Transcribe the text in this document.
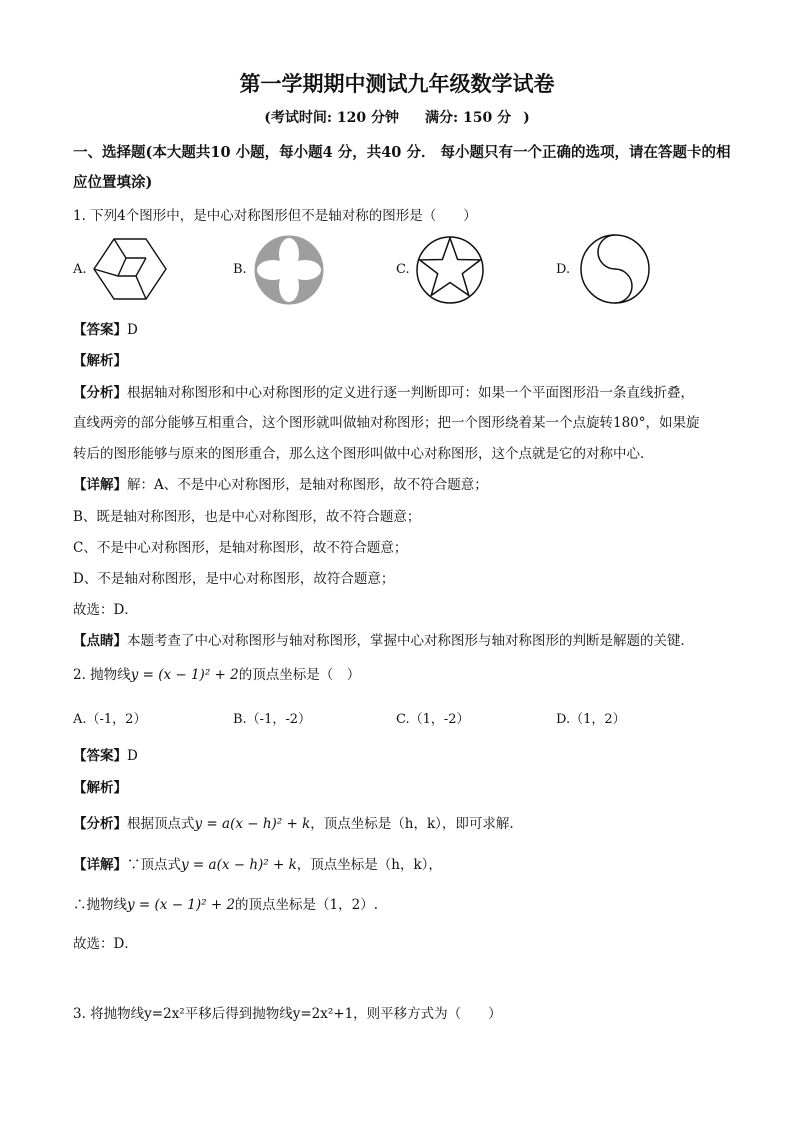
第一学期期中测试九年级数学试卷
(考试时间: 120 分钟 满分: 150 分 )
一、选择题(本大题共10 小题，每小题4 分，共40 分． 每小题只有一个正确的选项，请在答题卡的相应位置填涂)
1. 下列4个图形中，是中心对称图形但不是轴对称的图形是（　　）
A.	B.	C.	D.
【答案】D
【解析】
【分析】根据轴对称图形和中心对称图形的定义进行逐一判断即可：如果一个平面图形沿一条直线折叠，
直线两旁的部分能够互相重合，这个图形就叫做轴对称图形；把一个图形绕着某一个点旋转180°，如果旋
转后的图形能够与原来的图形重合，那么这个图形叫做中心对称图形，这个点就是它的对称中心．
【详解】解：A、不是中心对称图形，是轴对称图形，故不符合题意；
B、既是轴对称图形，也是中心对称图形，故不符合题意；
C、不是中心对称图形，是轴对称图形，故不符合题意；
D、不是轴对称图形，是中心对称图形，故符合题意；
故选：D．
【点睛】本题考查了中心对称图形与轴对称图形，掌握中心对称图形与轴对称图形的判断是解题的关键．
2. 抛物线y = (x − 1)² + 2的顶点坐标是（　）
A.（-1，2）	B.（-1，-2）	C.（1，-2）	D.（1，2）
【答案】D
【解析】
【分析】根据顶点式y = a(x − h)² + k，顶点坐标是（h，k），即可求解.
【详解】∵顶点式y = a(x − h)² + k，顶点坐标是（h，k），
∴抛物线y = (x − 1)² + 2的顶点坐标是（1，2）.
故选：D．
3. 将抛物线y=2x²平移后得到抛物线y=2x²+1，则平移方式为（　　）
